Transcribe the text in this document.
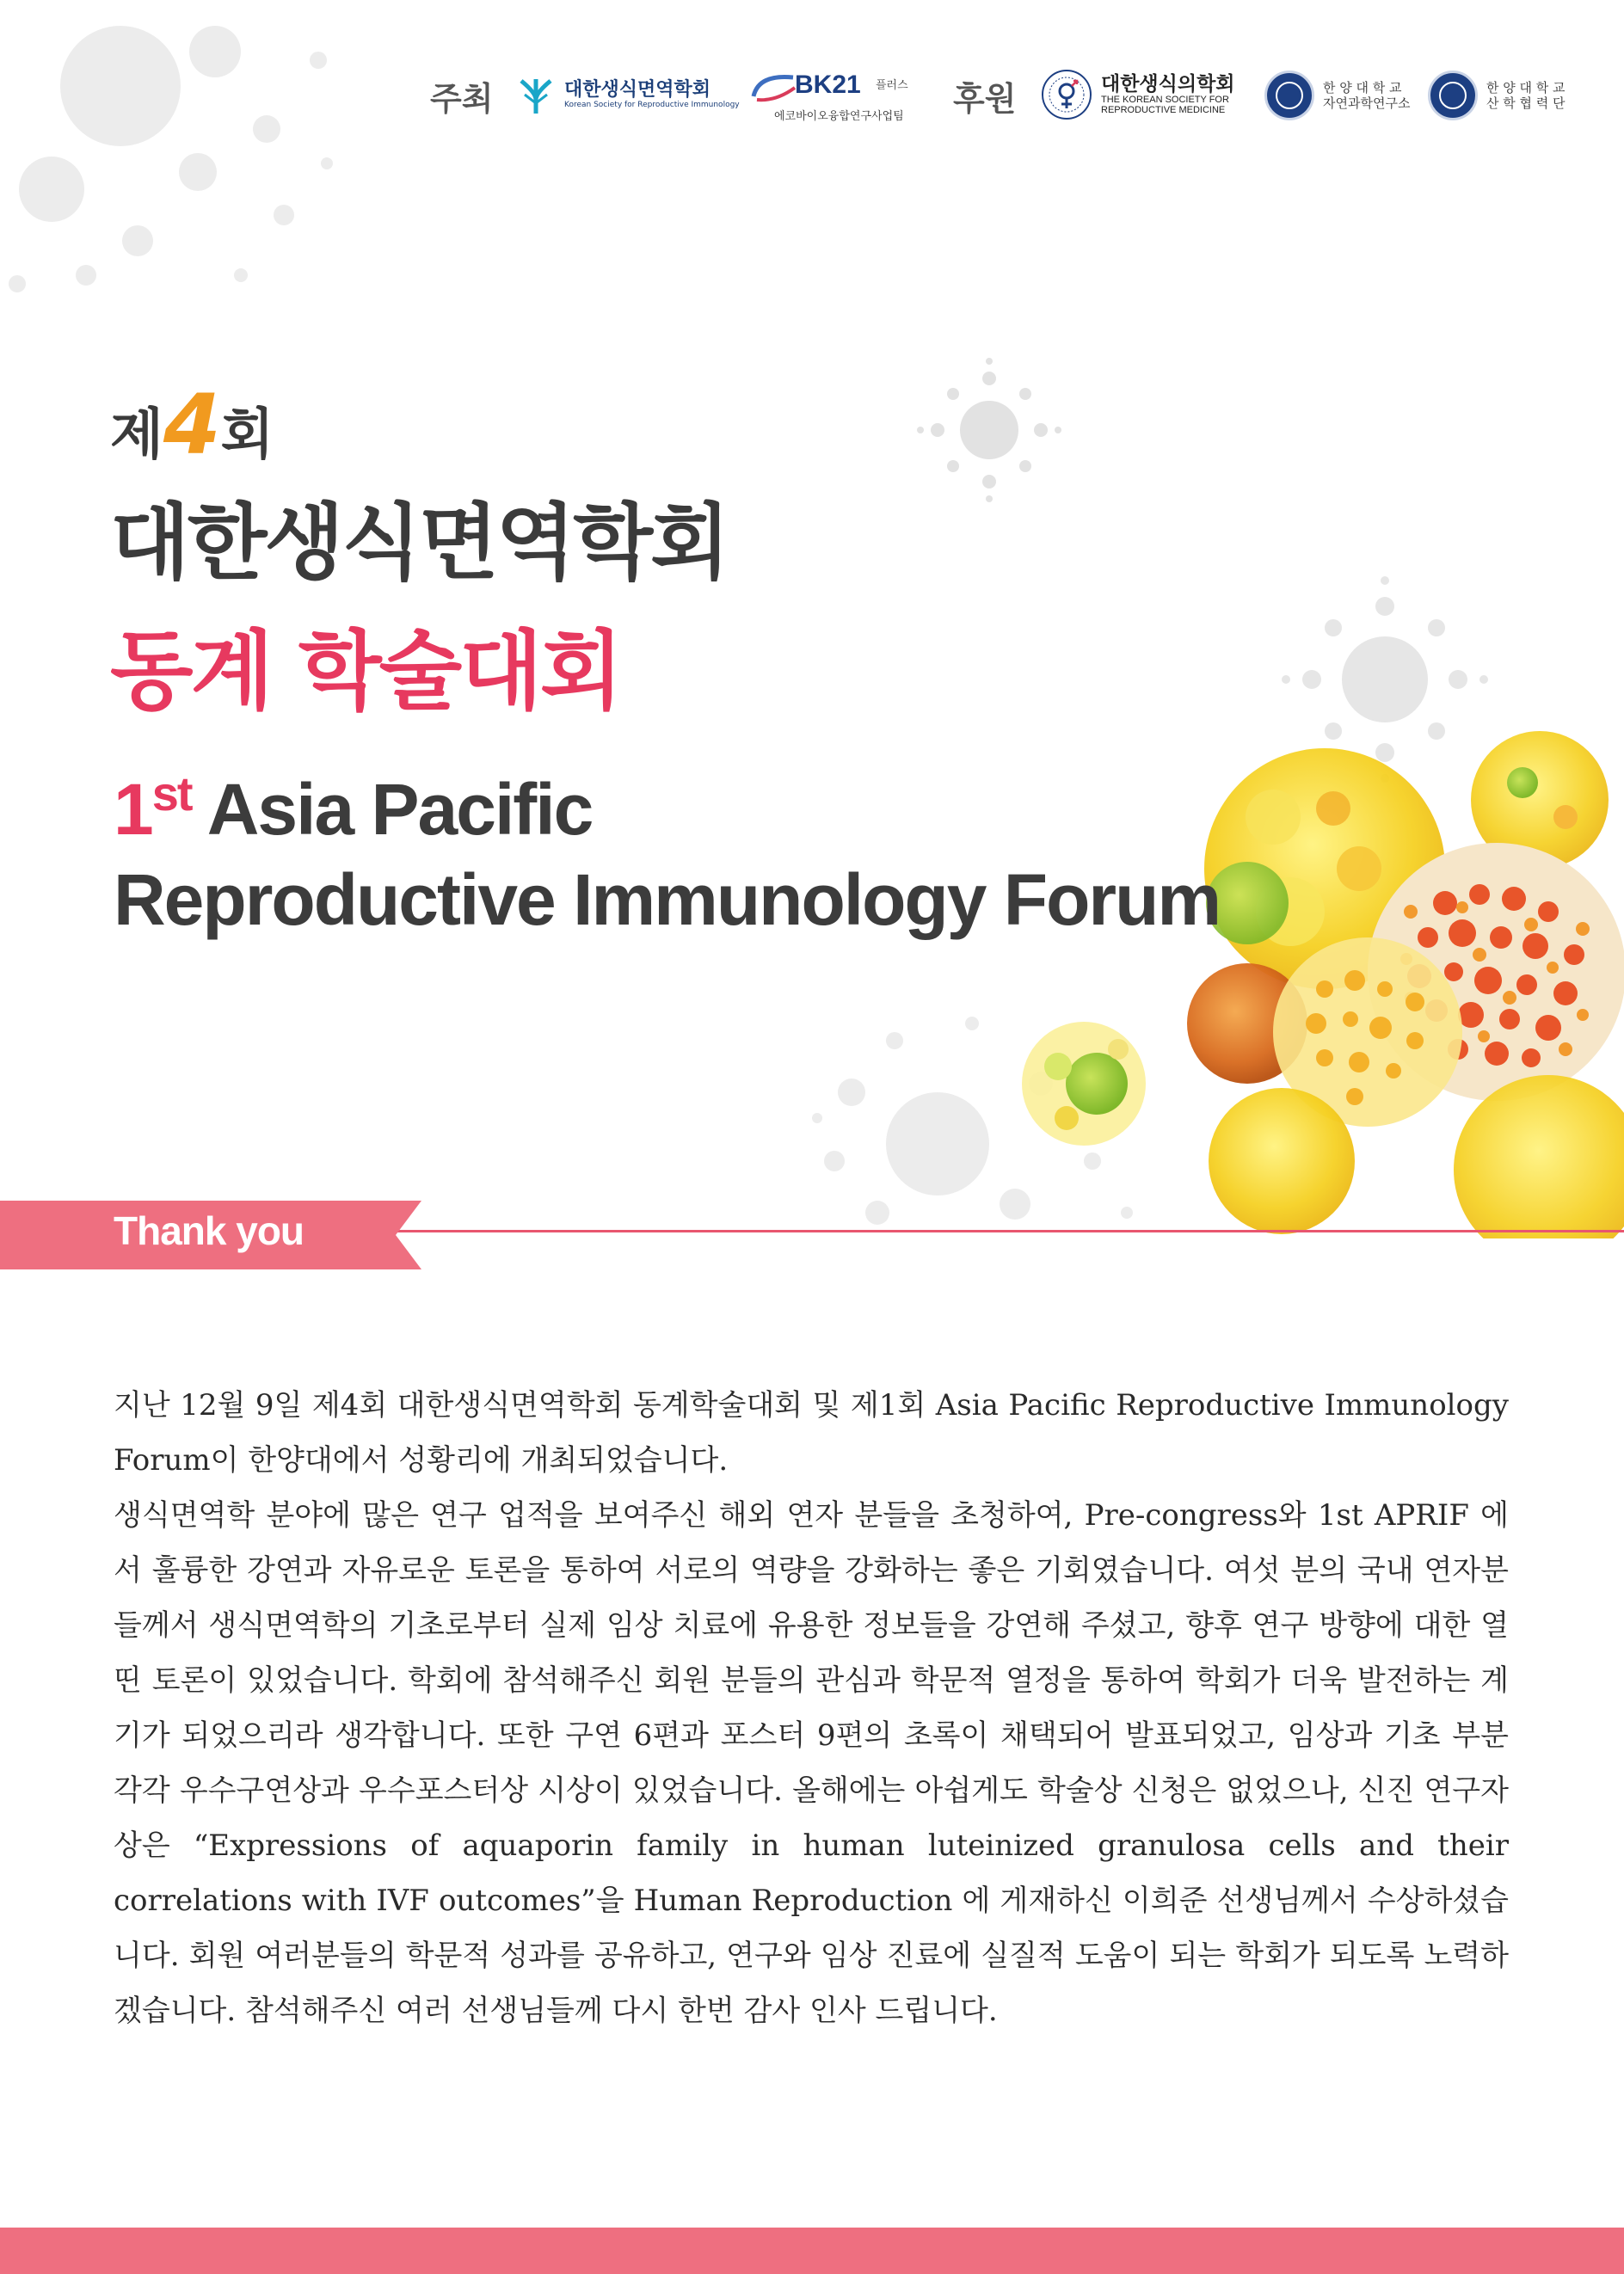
주최	대한생식면역학회
Korean Society for Reproductive Immunology
BK21 플러스
에코바이오융합연구사업팀 후원	대한생식의학회
THE KOREAN SOCIETY FOR
REPRODUCTIVE MEDICINE
한 양 대 학 교
자연과학연구소
한 양 대 학 교
산 학 협 력 단
제4회
대한생식면역학회
동계 학술대회
1st Asia Pacific
Reproductive Immunology Forum
Thank you

지난 12월 9일 제4회 대한생식면역학회 동계학술대회 및 제1회 Asia Pacific Reproductive Immunology Forum이 한양대에서 성황리에 개최되었습니다.

생식면역학 분야에 많은 연구 업적을 보여주신 해외 연자 분들을 초청하여, Pre-congress와 1st APRIF 에서 훌륭한 강연과 자유로운 토론을 통하여 서로의 역량을 강화하는 좋은 기회였습니다. 여섯 분의 국내 연자분들께서 생식면역학의 기초로부터 실제 임상 치료에 유용한 정보들을 강연해 주셨고, 향후 연구 방향에 대한 열띤 토론이 있었습니다. 학회에 참석해주신 회원 분들의 관심과 학문적 열정을 통하여 학회가 더욱 발전하는 계기가 되었으리라 생각합니다. 또한 구연 6편과 포스터 9편의 초록이 채택되어 발표되었고, 임상과 기초 부분 각각 우수구연상과 우수포스터상 시상이 있었습니다. 올해에는 아쉽게도 학술상 신청은 없었으나, 신진 연구자상은 “Expressions of aquaporin family in human luteinized granulosa cells and their correlations with IVF outcomes”을 Human Reproduction 에 게재하신 이희준 선생님께서 수상하셨습니다. 회원 여러분들의 학문적 성과를 공유하고, 연구와 임상 진료에 실질적 도움이 되는 학회가 되도록 노력하겠습니다. 참석해주신 여러 선생님들께 다시 한번 감사 인사 드립니다.
